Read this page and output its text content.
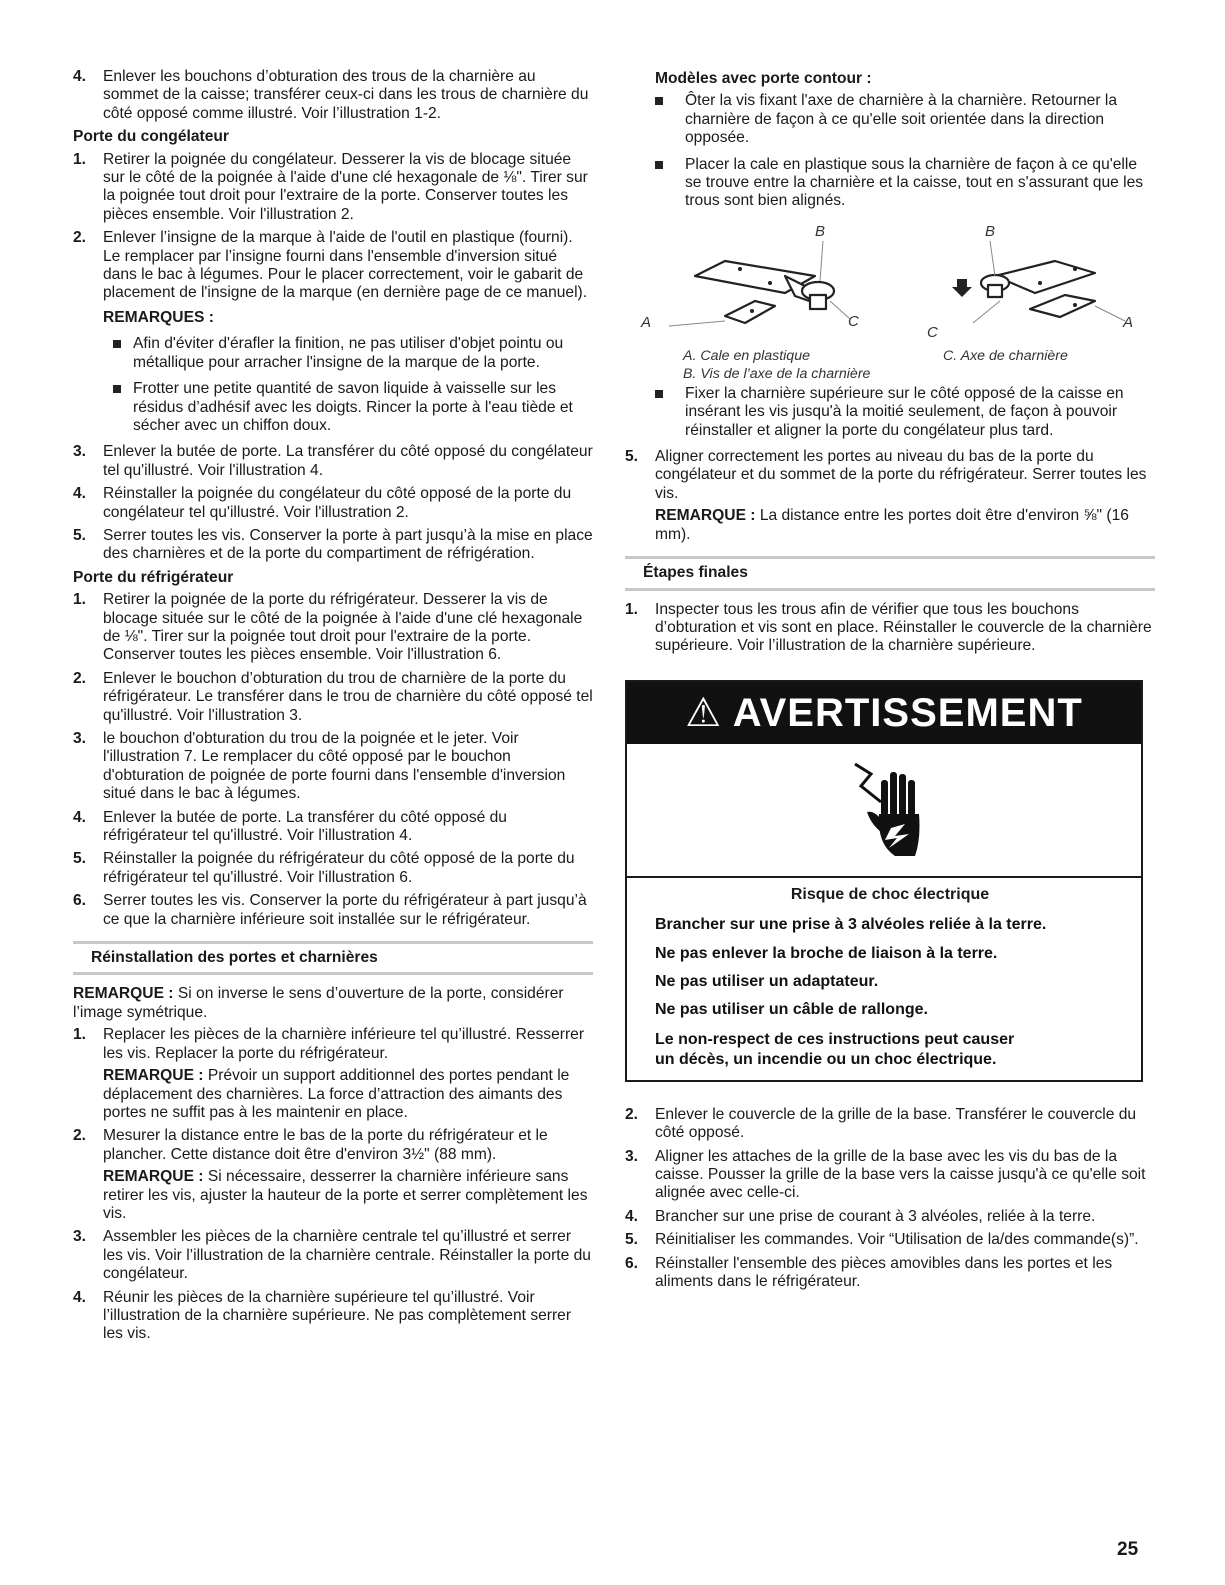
4. Enlever les bouchons d’obturation des trous de la charnière au sommet de la caisse; transférer ceux-ci dans les trous de charnière du côté opposé comme illustré. Voir l’illustration 1-2.
Porte du congélateur
1. Retirer la poignée du congélateur. Desserer la vis de blocage située sur le côté de la poignée à l'aide d'une clé hexagonale de ⅛". Tirer sur la poignée tout droit pour l'extraire de la porte. Conserver toutes les pièces ensemble. Voir l'illustration 2.
2. Enlever l’insigne de la marque à l'aide de l'outil en plastique (fourni). Le remplacer par l’insigne fourni dans l'ensemble d'inversion situé dans le bac à légumes. Pour le placer correctement, voir le gabarit de placement de l'insigne de la marque (en dernière page de ce manuel).
REMARQUES :
Afin d'éviter d'érafler la finition, ne pas utiliser d'objet pointu ou métallique pour arracher l'insigne de la marque de la porte.
Frotter une petite quantité de savon liquide à vaisselle sur les résidus d’adhésif avec les doigts. Rincer la porte à l'eau tiède et sécher avec un chiffon doux.
3. Enlever la butée de porte. La transférer du côté opposé du congélateur tel qu'illustré. Voir l'illustration 4.
4. Réinstaller la poignée du congélateur du côté opposé de la porte du congélateur tel qu'illustré. Voir l'illustration 2.
5. Serrer toutes les vis. Conserver la porte à part jusqu’à la mise en place des charnières et de la porte du compartiment de réfrigération.
Porte du réfrigérateur
1. Retirer la poignée de la porte du réfrigérateur. Desserer la vis de blocage située sur le côté de la poignée à l'aide d'une clé hexagonale de ⅛". Tirer sur la poignée tout droit pour l'extraire de la porte. Conserver toutes les pièces ensemble. Voir l'illustration 6.
2. Enlever le bouchon d’obturation du trou de charnière de la porte du réfrigérateur. Le transférer dans le trou de charnière du côté opposé tel qu'illustré. Voir l'illustration 3.
3. le bouchon d'obturation du trou de la poignée et le jeter. Voir l'illustration 7. Le remplacer du côté opposé par le bouchon d'obturation de poignée de porte fourni dans l'ensemble d'inversion situé dans le bac à légumes.
4. Enlever la butée de porte. La transférer du côté opposé du réfrigérateur tel qu'illustré. Voir l'illustration 4.
5. Réinstaller la poignée du réfrigérateur du côté opposé de la porte du réfrigérateur tel qu'illustré. Voir l'illustration 6.
6. Serrer toutes les vis. Conserver la porte du réfrigérateur à part jusqu’à ce que la charnière inférieure soit installée sur le réfrigérateur.
Réinstallation des portes et charnières
REMARQUE : Si on inverse le sens d’ouverture de la porte, considérer l’image symétrique.
1. Replacer les pièces de la charnière inférieure tel qu’illustré. Resserrer les vis. Replacer la porte du réfrigérateur.
REMARQUE : Prévoir un support additionnel des portes pendant le déplacement des charnières. La force d’attraction des aimants des portes ne suffit pas à les maintenir en place.
2. Mesurer la distance entre le bas de la porte du réfrigérateur et le plancher. Cette distance doit être d'environ 3½" (88 mm).
REMARQUE : Si nécessaire, desserrer la charnière inférieure sans retirer les vis, ajuster la hauteur de la porte et serrer complètement les vis.
3. Assembler les pièces de la charnière centrale tel qu’illustré et serrer les vis. Voir l’illustration de la charnière centrale. Réinstaller la porte du congélateur.
4. Réunir les pièces de la charnière supérieure tel qu’illustré. Voir l’illustration de la charnière supérieure. Ne pas complètement serrer les vis.
Modèles avec porte contour :
Ôter la vis fixant l'axe de charnière à la charnière. Retourner la charnière de façon à ce qu'elle soit orientée dans la direction opposée.
Placer la cale en plastique sous la charnière de façon à ce qu'elle se trouve entre la charnière et la caisse, tout en s'assurant que les trous sont bien alignés.
B	B
A	C
C
A
A. Cale en plastique
B. Vis de l’axe de la charnière
C. Axe de charnière
Fixer la charnière supérieure sur le côté opposé de la caisse en insérant les vis jusqu'à la moitié seulement, de façon à pouvoir réinstaller et aligner la porte du congélateur plus tard.
5. Aligner correctement les portes au niveau du bas de la porte du congélateur et du sommet de la porte du réfrigérateur. Serrer toutes les vis.
REMARQUE : La distance entre les portes doit être d'environ ⅝" (16 mm).
Étapes finales
1. Inspecter tous les trous afin de vérifier que tous les bouchons d’obturation et vis sont en place. Réinstaller le couvercle de la charnière supérieure. Voir l’illustration de la charnière supérieure.
⚠ AVERTISSEMENT
Risque de choc électrique
Brancher sur une prise à 3 alvéoles reliée à la terre.
Ne pas enlever la broche de liaison à la terre.
Ne pas utiliser un adaptateur.
Ne pas utiliser un câble de rallonge.
Le non-respect de ces instructions peut causer
un décès, un incendie ou un choc électrique.
2. Enlever le couvercle de la grille de la base. Transférer le couvercle du côté opposé.
3. Aligner les attaches de la grille de la base avec les vis du bas de la caisse. Pousser la grille de la base vers la caisse jusqu'à ce qu'elle soit alignée avec celle-ci.
4. Brancher sur une prise de courant à 3 alvéoles, reliée à la terre.
5. Réinitialiser les commandes. Voir “Utilisation de la/des commande(s)”.
6. Réinstaller l'ensemble des pièces amovibles dans les portes et les aliments dans le réfrigérateur.
25
